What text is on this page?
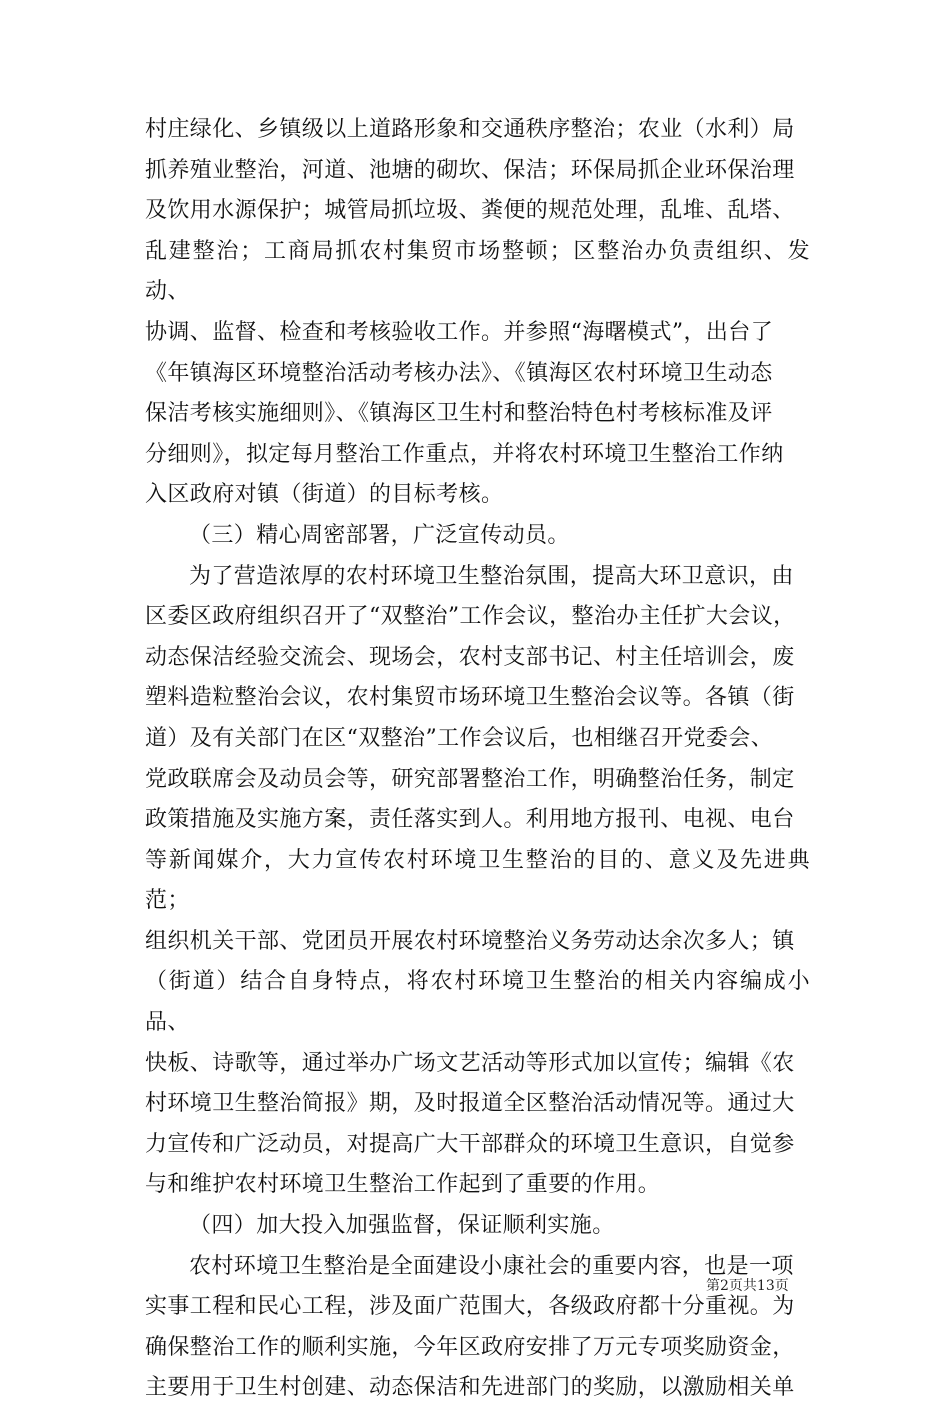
村庄绿化、乡镇级以上道路形象和交通秩序整治；农业（水利）局
抓养殖业整治，河道、池塘的砌坎、保洁；环保局抓企业环保治理
及饮用水源保护；城管局抓垃圾、粪便的规范处理，乱堆、乱塔、
乱建整治；工商局抓农村集贸市场整顿；区整治办负责组织、发动、
协调、监督、检查和考核验收工作。并参照“海曙模式”，出台了
《年镇海区环境整治活动考核办法》、《镇海区农村环境卫生动态
保洁考核实施细则》、《镇海区卫生村和整治特色村考核标准及评
分细则》，拟定每月整治工作重点，并将农村环境卫生整治工作纳
入区政府对镇（街道）的目标考核。

（三）精心周密部署，广泛宣传动员。

为了营造浓厚的农村环境卫生整治氛围，提高大环卫意识，由
区委区政府组织召开了“双整治”工作会议，整治办主任扩大会议，
动态保洁经验交流会、现场会，农村支部书记、村主任培训会，废
塑料造粒整治会议，农村集贸市场环境卫生整治会议等。各镇（街
道）及有关部门在区“双整治”工作会议后，也相继召开党委会、
党政联席会及动员会等，研究部署整治工作，明确整治任务，制定
政策措施及实施方案，责任落实到人。利用地方报刊、电视、电台
等新闻媒介，大力宣传农村环境卫生整治的目的、意义及先进典范；
组织机关干部、党团员开展农村环境整治义务劳动达余次多人；镇
（街道）结合自身特点，将农村环境卫生整治的相关内容编成小品、
快板、诗歌等，通过举办广场文艺活动等形式加以宣传；编辑《农
村环境卫生整治简报》期，及时报道全区整治活动情况等。通过大
力宣传和广泛动员，对提高广大干部群众的环境卫生意识，自觉参
与和维护农村环境卫生整治工作起到了重要的作用。

（四）加大投入加强监督，保证顺利实施。

农村环境卫生整治是全面建设小康社会的重要内容，也是一项
实事工程和民心工程，涉及面广范围大，各级政府都十分重视。为
确保整治工作的顺利实施，今年区政府安排了万元专项奖励资金，
主要用于卫生村创建、动态保洁和先进部门的奖励，以激励相关单

第2页共13页
